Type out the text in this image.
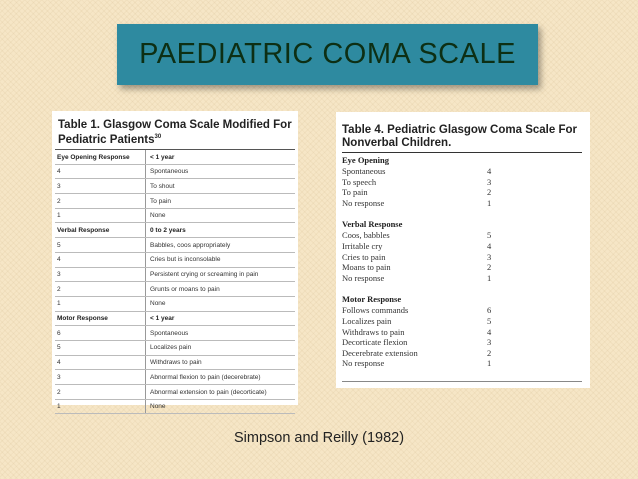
PAEDIATRIC COMA SCALE
Table 1. Glasgow Coma Scale Modified For Pediatric Patients$^{30}$
Eye Opening Response	< 1 year
4	Spontaneous
3	To shout
2	To pain
1	None
Verbal Response	0 to 2 years
5	Babbles, coos appropriately
4	Cries but is inconsolable
3	Persistent crying or screaming in pain
2	Grunts or moans to pain
1	None
Motor Response	< 1 year
6	Spontaneous
5	Localizes pain
4	Withdraws to pain
3	Abnormal flexion to pain (decerebrate)
2	Abnormal extension to pain (decorticate)
1	None
Table 4. Pediatric Glasgow Coma Scale For Nonverbal Children.
Eye Opening
Spontaneous	4
To speech	3
To pain	2
No response	1
Verbal Response
Coos, babbles	5
Irritable cry	4
Cries to pain	3
Moans to pain	2
No response	1
Motor Response
Follows commands	6
Localizes pain	5
Withdraws to pain	4
Decorticate flexion	3
Decerebrate extension	2
No response	1
Simpson and Reilly (1982)
